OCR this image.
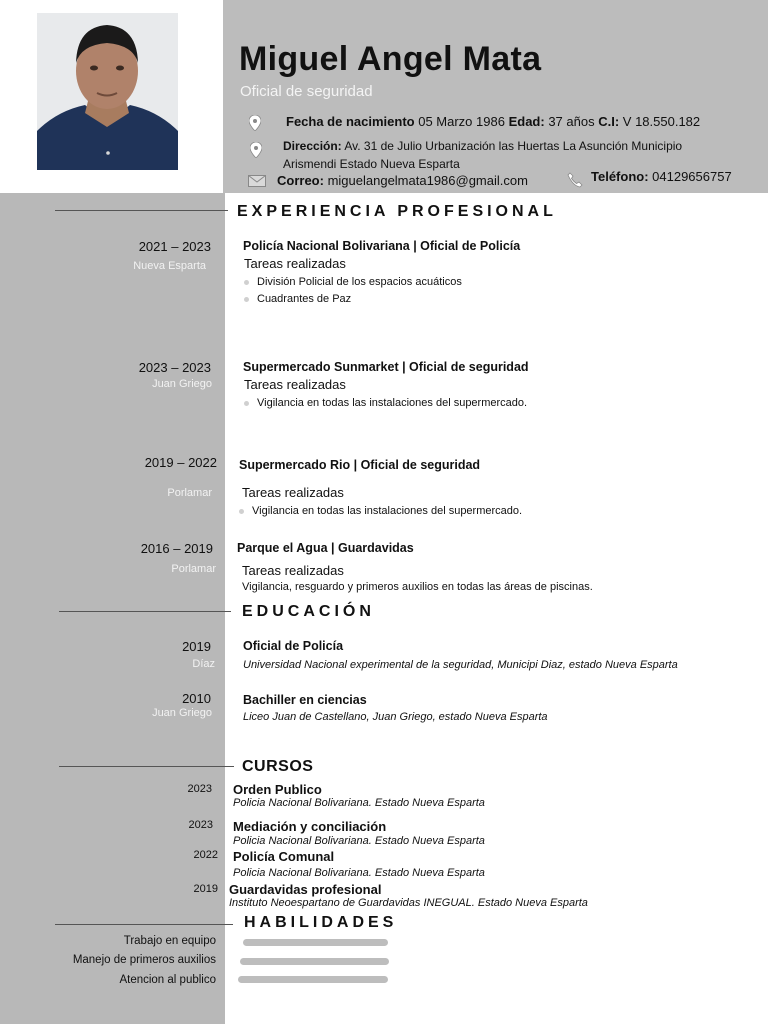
Miguel Angel Mata
Oficial de seguridad
Fecha de nacimiento 05 Marzo 1986 Edad: 37 años C.I: V 18.550.182
Dirección: Av. 31 de Julio Urbanización las Huertas La Asunción Municipio
Arismendi Estado Nueva Esparta
Correo: miguelangelmata1986@gmail.com	Teléfono: 04129656757
EXPERIENCIA PROFESIONAL
2021 – 2023
Nueva Esparta
Policía Nacional Bolivariana | Oficial de Policía
Tareas realizadas
División Policial de los espacios acuáticos
Cuadrantes de Paz
2023 – 2023
Juan Griego
Supermercado Sunmarket | Oficial de seguridad
Tareas realizadas
Vigilancia en todas las instalaciones del supermercado.
2019 – 2022
Porlamar
Supermercado Rio | Oficial de seguridad
Tareas realizadas
Vigilancia en todas las instalaciones del supermercado.
2016 – 2019
Porlamar
Parque el Agua | Guardavidas
Tareas realizadas
Vigilancia, resguardo y primeros auxilios en todas las áreas de piscinas.
EDUCACIÓN
2019
Díaz
Oficial de Policía
Universidad Nacional experimental de la seguridad, Municipi Diaz, estado Nueva Esparta
2010
Juan Griego
Bachiller en ciencias
Liceo Juan de Castellano, Juan Griego, estado Nueva Esparta
CURSOS
2023 Orden Publico
Policia Nacional Bolivariana. Estado Nueva Esparta
2023 Mediación y conciliación
Policia Nacional Bolivariana. Estado Nueva Esparta
2022 Policía Comunal
Policia Nacional Bolivariana. Estado Nueva Esparta
2019 Guardavidas profesional
Instituto Neoespartano de Guardavidas INEGUAL. Estado Nueva Esparta
HABILIDADES
Trabajo en equipo
Manejo de primeros auxilios
Atencion al publico
